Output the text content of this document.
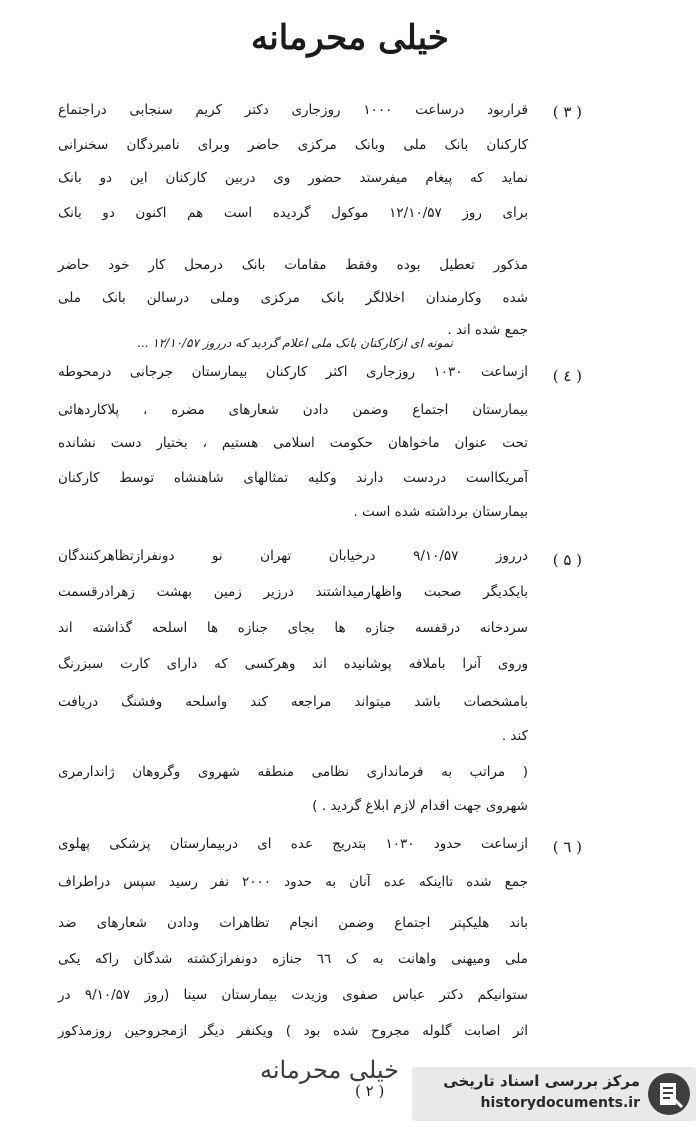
خیلی محرمانه
( ۳ )
قراربود درساعت ۱۰۰۰ روزجاری دکتر کریم سنجابی دراجتماع
کارکنان بانک ملی وبانک مرکزی حاضر وبرای نامبردگان سخنرانی
نماید که پیغام میفرستد حضور وی دربین کارکنان این دو بانک
برای روز ۱۲/۱۰/۵۷ موکول گردیده است هم اکنون دو بانک
مذکور تعطیل بوده وفقط مقامات بانک درمحل کار خود حاضر
شده وکارمندان اخلالگر بانک مرکزی وملی درسالن بانک ملی
جمع شده اند .
نمونه ای ازکارکنان بانک ملی اعلام گردید که درروز ۱۲/۱۰/۵۷ ...
( ٤ )
ازساعت ۱۰۳۰ روزجاری اکثر کارکنان بیمارستان جرجانی درمحوطه
بیمارستان اجتماع وضمن دادن شعارهای مضره ، پلاکاردهائی
تحت عنوان ماخواهان حکومت اسلامی هستیم ، بختیار دست نشانده
آمریکااست دردست دارند وکلیه تمثالهای شاهنشاه توسط کارکنان
بیمارستان برداشته شده است .
( ۵ )
درروز ۹/۱۰/۵۷ درخیابان تهران نو دونفرازتظاهرکنندگان
بایکدیگر صحبت واظهارمیداشتند درزیر زمین بهشت زهرادرقسمت
سردخانه درقفسه جنازه ها بجای جنازه ها اسلحه گذاشته اند
وروی آنرا باملافه پوشانیده اند وهرکسی که دارای کارت سبزرنگ
بامشخصات باشد میتواند مراجعه کند واسلحه وفشنگ دریافت
کند .
( مراتب به فرمانداری نظامی منطقه شهروی وگروهان ژاندارمری
شهروی جهت اقدام لازم ابلاغ گردید . )
( ٦ )
ازساعت حدود ۱۰۳۰ بتدریج عده ای دربیمارستان پزشکی پهلوی
جمع شده تااینکه عده آنان به حدود ۲۰۰۰ نفر رسید سپس دراطراف
باند هلیکپتر اجتماع وضمن انجام تظاهرات ودادن شعارهای ضد
ملی ومیهنی واهانت به ک ٦٦ جنازه دونفرازکشته شدگان راکه یکی
ستوانیکم دکتر عباس صفوی وزیدت بیمارستان سینا (روز ۹/۱۰/۵۷ در
اثر اصابت گلوله مجروح شده بود ) ویکنفر دیگر ازمجروحین روزمذکور
خیلی محرمانه
( ۲ )
مرکز بررسی اسناد تاریخی
historydocuments.ir
